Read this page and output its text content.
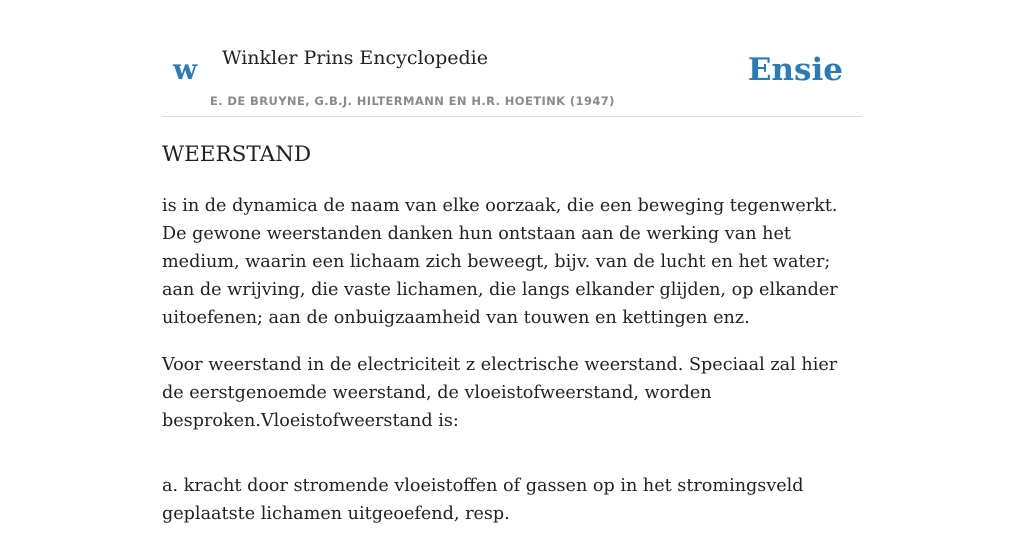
w Winkler Prins Encyclopedie
E. DE BRUYNE, G.B.J. HILTERMANN EN H.R. HOETINK (1947)
Ensie
WEERSTAND

is in de dynamica de naam van elke oorzaak, die een beweging tegenwerkt. De gewone weerstanden danken hun ontstaan aan de werking van het medium, waarin een lichaam zich beweegt, bijv. van de lucht en het water; aan de wrijving, die vaste lichamen, die langs elkander glijden, op elkander uitoefenen; aan de onbuigzaamheid van touwen en kettingen enz.

Voor weerstand in de electriciteit z electrische weerstand. Speciaal zal hier de eerstgenoemde weerstand, de vloeistofweerstand, worden besproken.Vloeistofweerstand is:

a. kracht door stromende vloeistoffen of gassen op in het stromingsveld geplaatste lichamen uitgeoefend, resp.
